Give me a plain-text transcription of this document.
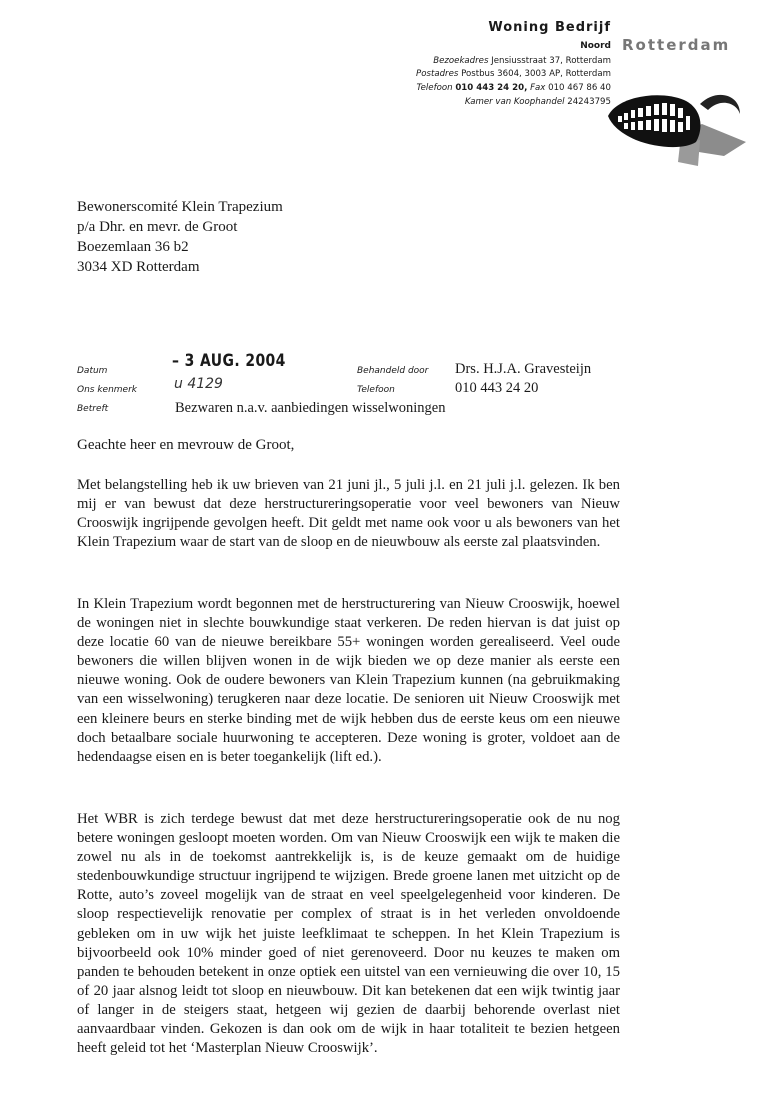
Woning Bedrijf
Noord Rotterdam
Bezoekadres Jensiusstraat 37, Rotterdam
Postadres Postbus 3604, 3003 AP, Rotterdam
Telefoon 010 443 24 20, Fax 010 467 86 40
Kamer van Koophandel 24243795
Bewonerscomité Klein Trapezium
p/a Dhr. en mevr. de Groot
Boezemlaan 36 b2
3034 XD Rotterdam
Datum	– 3 AUG. 2004
Ons kenmerk	u 4129
Betreft	Bezwaren n.a.v. aanbiedingen wisselwoningen
Behandeld door Drs. H.J.A. Gravesteijn
Telefoon	010 443 24 20
Geachte heer en mevrouw de Groot,
Met belangstelling heb ik uw brieven van 21 juni jl., 5 juli j.l. en 21 juli j.l. gelezen. Ik ben mij er van bewust dat deze herstructureringsoperatie voor veel bewoners van Nieuw Crooswijk ingrijpende gevolgen heeft. Dit geldt met name ook voor u als bewoners van het Klein Trapezium waar de start van de sloop en de nieuwbouw als eerste zal plaatsvinden.
In Klein Trapezium wordt begonnen met de herstructurering van Nieuw Crooswijk, hoewel de woningen niet in slechte bouwkundige staat verkeren. De reden hiervan is dat juist op deze locatie 60 van de nieuwe bereikbare 55+ woningen worden gerealiseerd. Veel oude bewoners die willen blijven wonen in de wijk bieden we op deze manier als eerste een nieuwe woning. Ook de oudere bewoners van Klein Trapezium kunnen (na gebruikmaking van een wisselwoning) terugkeren naar deze locatie. De senioren uit Nieuw Crooswijk met een kleinere beurs en sterke binding met de wijk hebben dus de eerste keus om een nieuwe doch betaalbare sociale huurwoning te accepteren. Deze woning is groter, voldoet aan de hedendaagse eisen en is beter toegankelijk (lift ed.).
Het WBR is zich terdege bewust dat met deze herstructureringsoperatie ook de nu nog betere woningen gesloopt moeten worden. Om van Nieuw Crooswijk een wijk te maken die zowel nu als in de toekomst aantrekkelijk is, is de keuze gemaakt om de huidige stedenbouwkundige structuur ingrijpend te wijzigen. Brede groene lanen met uitzicht op de Rotte, auto’s zoveel mogelijk van de straat en veel speelgelegenheid voor kinderen. De sloop respectievelijk renovatie per complex of straat is in het verleden onvoldoende gebleken om in uw wijk het juiste leefklimaat te scheppen. In het Klein Trapezium is bijvoorbeeld ook 10% minder goed of niet gerenoveerd. Door nu keuzes te maken om panden te behouden betekent in onze optiek een uitstel van een vernieuwing die over 10, 15 of 20 jaar alsnog leidt tot sloop en nieuwbouw. Dit kan betekenen dat een wijk twintig jaar of langer in de steigers staat, hetgeen wij gezien de daarbij behorende overlast niet aanvaardbaar vinden. Gekozen is dan ook om de wijk in haar totaliteit te bezien hetgeen heeft geleid tot het ‘Masterplan Nieuw Crooswijk’.
